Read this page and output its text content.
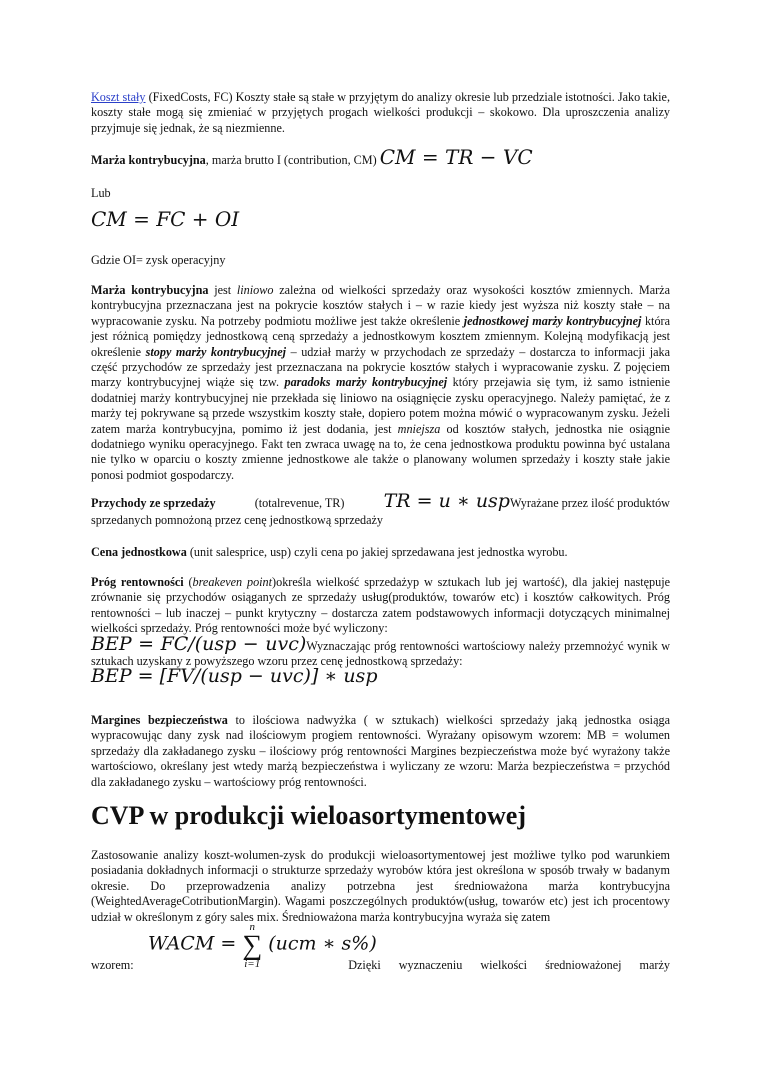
Koszt stały (FixedCosts, FC) Koszty stałe są stałe w przyjętym do analizy okresie lub przedziale istotności. Jako takie, koszty stałe mogą się zmieniać w przyjętych progach wielkości produkcji – skokowo. Dla uproszczenia analizy przyjmuje się jednak, że są niezmienne.

Marża kontrybucyjna, marża brutto I (contribution, CM) CM = TR − VC

Lub

CM = FC + OI

Gdzie OI= zysk operacyjny

Marża kontrybucyjna jest liniowo zależna od wielkości sprzedaży oraz wysokości kosztów zmiennych. Marża kontrybucyjna przeznaczana jest na pokrycie kosztów stałych i – w razie kiedy jest wyższa niż koszty stałe – na wypracowanie zysku. Na potrzeby podmiotu możliwe jest także określenie jednostkowej marży kontrybucyjnej która jest różnicą pomiędzy jednostkową ceną sprzedaży a jednostkowym kosztem zmiennym. Kolejną modyfikacją jest określenie stopy marży kontrybucyjnej – udział marży w przychodach ze sprzedaży – dostarcza to informacji jaka część przychodów ze sprzedaży jest przeznaczana na pokrycie kosztów stałych i wypracowanie zysku. Z pojęciem marzy kontrybucyjnej wiąże się tzw. paradoks marży kontrybucyjnej który przejawia się tym, iż samo istnienie dodatniej marży kontrybucyjnej nie przekłada się liniowo na osiągnięcie zysku operacyjnego. Należy pamiętać, że z marży tej pokrywane są przede wszystkim koszty stałe, dopiero potem można mówić o wypracowanym zysku. Jeżeli zatem marża kontrybucyjna, pomimo iż jest dodania, jest mniejsza od kosztów stałych, jednostka nie osiągnie dodatniego wyniku operacyjnego. Fakt ten zwraca uwagę na to, że cena jednostkowa produktu powinna być ustalana nie tylko w oparciu o koszty zmienne jednostkowe ale także o planowany wolumen sprzedaży i koszty stałe jakie ponosi podmiot gospodarczy.

Przychody ze sprzedaży	(totalrevenue, TR) TR = u ∗ uspWyrażane przez ilość produktów

sprzedanych pomnożoną przez cenę jednostkową sprzedaży

Cena jednostkowa (unit salesprice, usp) czyli cena po jakiej sprzedawana jest jednostka wyrobu.

Próg rentowności (breakeven point)określa wielkość sprzedażyp w sztukach lub jej wartość), dla jakiej następuje zrównanie się przychodów osiąganych ze sprzedaży usług(produktów, towarów etc) i kosztów całkowitych. Próg rentowności – lub inaczej – punkt krytyczny – dostarcza zatem podstawowych informacji dotyczących minimalnej wielkości sprzedaży. Próg rentowności może być wyliczony:
BEP = FC/(usp − uvc)Wyznaczając próg rentowności wartościowy należy przemnożyć wynik w sztukach uzyskany z powyższego wzoru przez cenę jednostkową sprzedaży:
BEP = [FV/(usp − uvc)] ∗ usp

Margines bezpieczeństwa to ilościowa nadwyżka ( w sztukach) wielkości sprzedaży jaką jednostka osiąga wypracowując dany zysk nad ilościowym progiem rentowności. Wyrażany opisowym wzorem: MB = wolumen sprzedaży dla zakładanego zysku – ilościowy próg rentowności Margines bezpieczeństwa może być wyrażony także wartościowo, określany jest wtedy marżą bezpieczeństwa i wyliczany ze wzoru: Marża bezpieczeństwa = przychód dla zakładanego zysku – wartościowy próg rentowności.

CVP w produkcji wieloasortymentowej

Zastosowanie analizy koszt-wolumen-zysk do produkcji wieloasortymentowej jest możliwe tylko pod warunkiem posiadania dokładnych informacji o strukturze sprzedaży wyrobów która jest określona w sposób trwały w badanym okresie. Do przeprowadzenia analizy potrzebna jest średnioważona marża kontrybucyjna (WeightedAverageCotributionMargin). Wagami poszczególnych produktów(usług, towarów etc) jest ich procentowy udział w określonym z góry sales mix. Średnioważona marża kontrybucyjna wyraża się zatem

WACM =
n
∑
i=1
(ucm ∗ s%)
wzorem:	Dzięki wyznaczeniu wielkości średnioważonej marży
